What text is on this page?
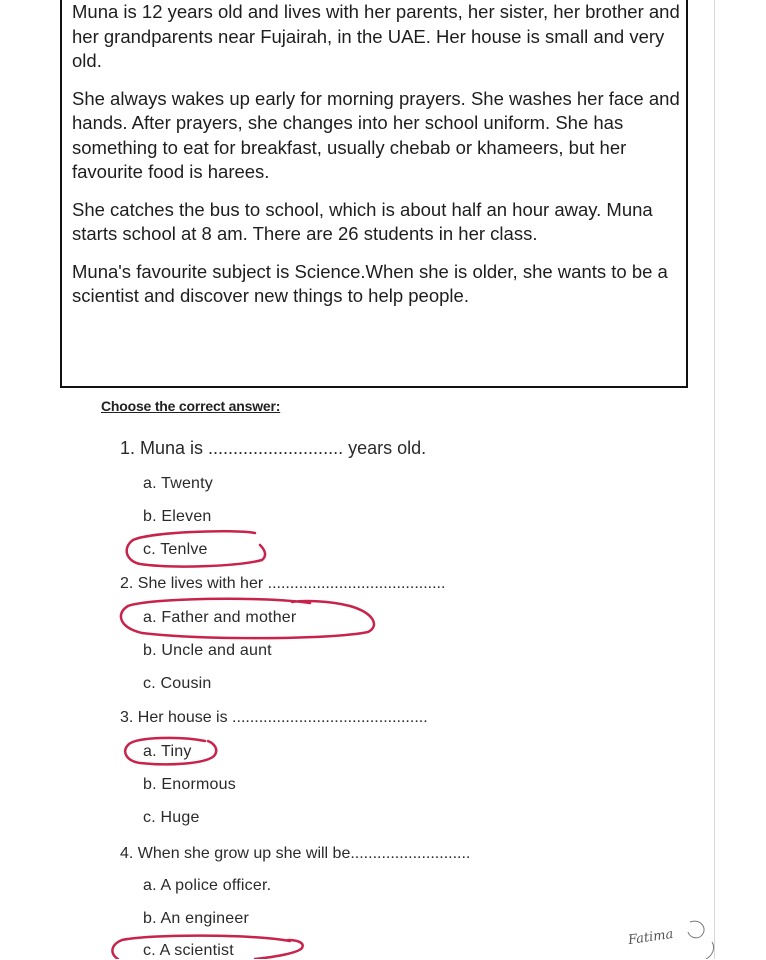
Muna is 12 years old and lives with her parents, her sister, her brother and her grandparents near Fujairah, in the UAE. Her house is small and very old.

She always wakes up early for morning prayers. She washes her face and hands. After prayers, she changes into her school uniform. She has something to eat for breakfast, usually chebab or khameers, but her favourite food is harees.

She catches the bus to school, which is about half an hour away. Muna starts school at 8 am. There are 26 students in her class.

Muna's favourite subject is Science.When she is older, she wants to be a scientist and discover new things to help people.

Choose the correct answer:
1. Muna is ........................... years old.
a. Twenty
b. Eleven
c. Tenlve
2. She lives with her ........................................
a. Father and mother
b. Uncle and aunt
c. Cousin
3. Her house is ............................................
a. Tiny
b. Enormous
c. Huge
4. When she grow up she will be...........................
a. A police officer.
b. An engineer
c. A scientist
Fatima
